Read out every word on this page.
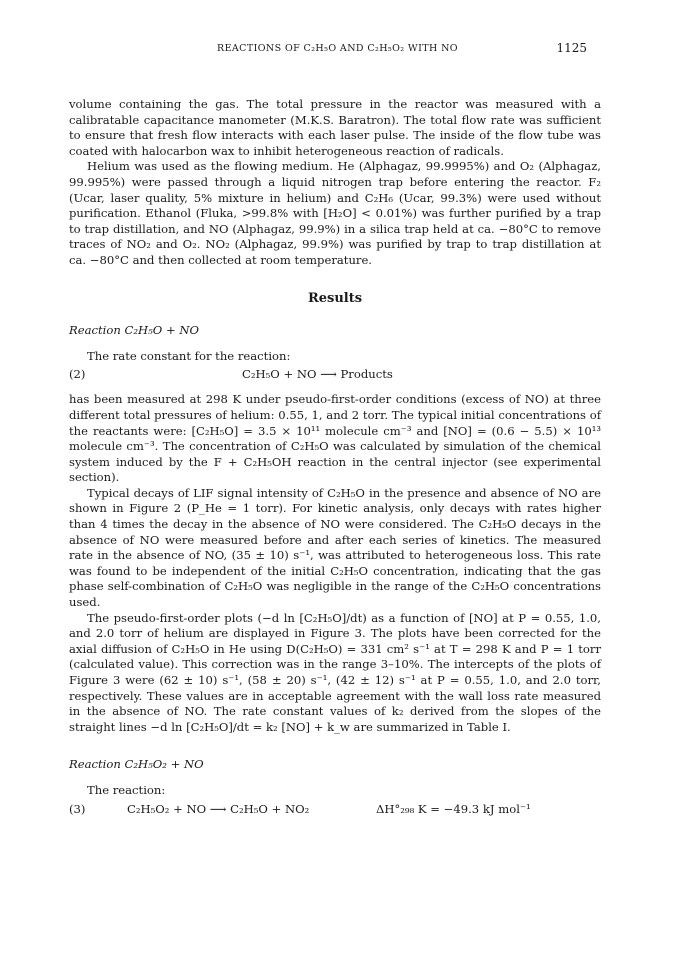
REACTIONS OF C₂H₅O AND C₂H₅O₂ WITH NO	1125

volume containing the gas. The total pressure in the reactor was measured with a calibratable capacitance manometer (M.K.S. Baratron). The total flow rate was sufficient to ensure that fresh flow interacts with each laser pulse. The inside of the flow tube was coated with halocarbon wax to inhibit heterogeneous reaction of radicals.

Helium was used as the flowing medium. He (Alphagaz, 99.9995%) and O₂ (Alphagaz, 99.995%) were passed through a liquid nitrogen trap before entering the reactor. F₂ (Ucar, laser quality, 5% mixture in helium) and C₂H₆ (Ucar, 99.3%) were used without purification. Ethanol (Fluka, >99.8% with [H₂O] < 0.01%) was further purified by a trap to trap distillation, and NO (Alphagaz, 99.9%) in a silica trap held at ca. −80°C to remove traces of NO₂ and O₂. NO₂ (Alphagaz, 99.9%) was purified by trap to trap distillation at ca. −80°C and then collected at room temperature.

Results
Reaction C₂H₅O + NO

The rate constant for the reaction:

(2)	C₂H₅O + NO ⟶ Products

has been measured at 298 K under pseudo-first-order conditions (excess of NO) at three different total pressures of helium: 0.55, 1, and 2 torr. The typical initial concentrations of the reactants were: [C₂H₅O] = 3.5 × 10¹¹ molecule cm⁻³ and [NO] = (0.6 − 5.5) × 10¹³ molecule cm⁻³. The concentration of C₂H₅O was calculated by simulation of the chemical system induced by the F + C₂H₅OH reaction in the central injector (see experimental section).

Typical decays of LIF signal intensity of C₂H₅O in the presence and absence of NO are shown in Figure 2 (P_He = 1 torr). For kinetic analysis, only decays with rates higher than 4 times the decay in the absence of NO were considered. The C₂H₅O decays in the absence of NO were measured before and after each series of kinetics. The measured rate in the absence of NO, (35 ± 10) s⁻¹, was attributed to heterogeneous loss. This rate was found to be independent of the initial C₂H₅O concentration, indicating that the gas phase self-combination of C₂H₅O was negligible in the range of the C₂H₅O concentrations used.

The pseudo-first-order plots (−d ln [C₂H₅O]/dt) as a function of [NO] at P = 0.55, 1.0, and 2.0 torr of helium are displayed in Figure 3. The plots have been corrected for the axial diffusion of C₂H₅O in He using D(C₂H₅O) = 331 cm² s⁻¹ at T = 298 K and P = 1 torr (calculated value). This correction was in the range 3–10%. The intercepts of the plots of Figure 3 were (62 ± 10) s⁻¹, (58 ± 20) s⁻¹, (42 ± 12) s⁻¹ at P = 0.55, 1.0, and 2.0 torr, respectively. These values are in acceptable agreement with the wall loss rate measured in the absence of NO. The rate constant values of k₂ derived from the slopes of the straight lines −d ln [C₂H₅O]/dt = k₂ [NO] + k_w are summarized in Table I.

Reaction C₂H₅O₂ + NO

The reaction:

(3)	C₂H₅O₂ + NO ⟶ C₂H₅O + NO₂	ΔH°₂₉₈ K = −49.3 kJ mol⁻¹
